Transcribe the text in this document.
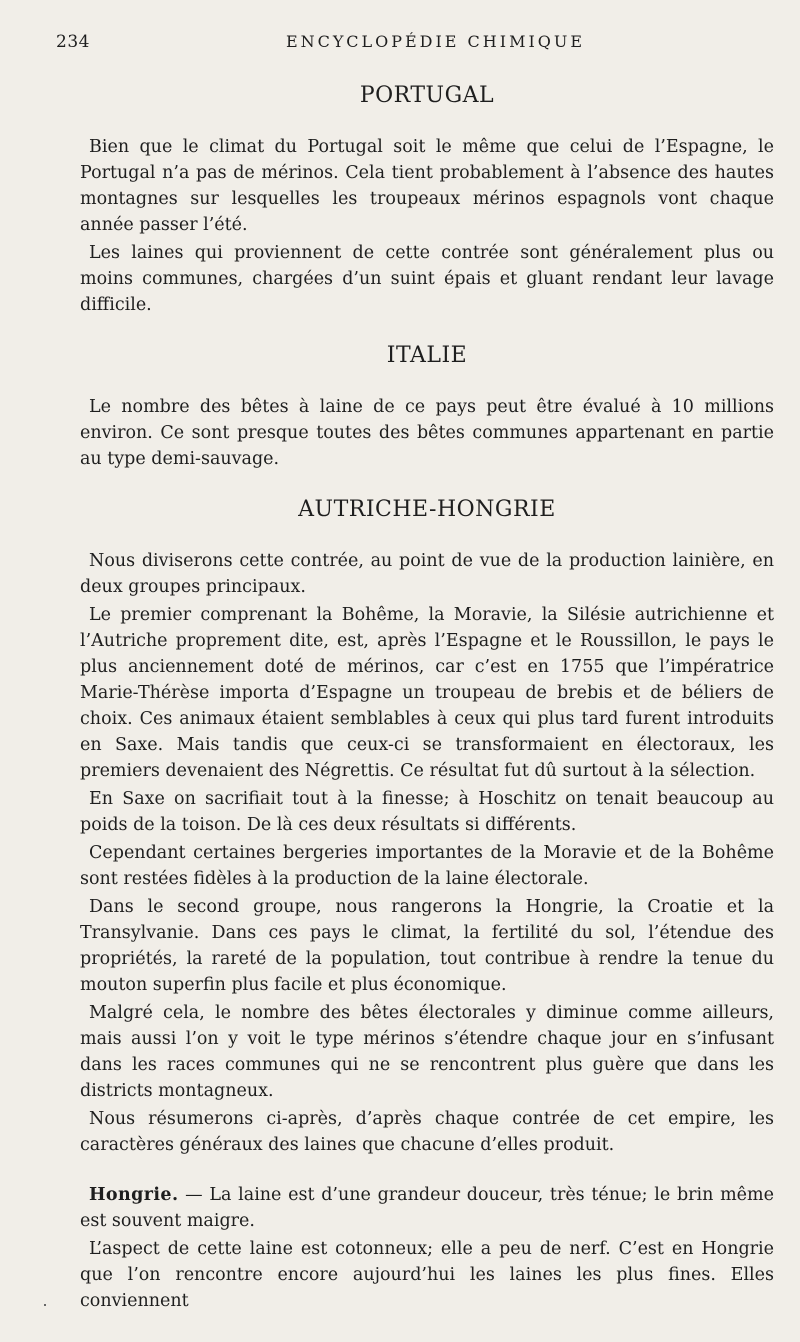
234	ENCYCLOPÉDIE CHIMIQUE
PORTUGAL

Bien que le climat du Portugal soit le même que celui de l’Espagne, le Portugal n’a pas de mérinos. Cela tient probablement à l’absence des hautes montagnes sur lesquelles les troupeaux mérinos espagnols vont chaque année passer l’été.

Les laines qui proviennent de cette contrée sont généralement plus ou moins communes, chargées d’un suint épais et gluant rendant leur lavage difficile.

ITALIE

Le nombre des bêtes à laine de ce pays peut être évalué à 10 millions environ. Ce sont presque toutes des bêtes communes appartenant en partie au type demi-sauvage.

AUTRICHE-HONGRIE

Nous diviserons cette contrée, au point de vue de la production lainière, en deux groupes principaux.

Le premier comprenant la Bohême, la Moravie, la Silésie autrichienne et l’Autriche proprement dite, est, après l’Espagne et le Roussillon, le pays le plus anciennement doté de mérinos, car c’est en 1755 que l’impératrice Marie-Thérèse importa d’Espagne un troupeau de brebis et de béliers de choix. Ces animaux étaient semblables à ceux qui plus tard furent introduits en Saxe. Mais tandis que ceux-ci se transformaient en électoraux, les premiers devenaient des Négrettis. Ce résultat fut dû surtout à la sélection.

En Saxe on sacrifiait tout à la finesse; à Hoschitz on tenait beaucoup au poids de la toison. De là ces deux résultats si différents.

Cependant certaines bergeries importantes de la Moravie et de la Bohême sont restées fidèles à la production de la laine électorale.

Dans le second groupe, nous rangerons la Hongrie, la Croatie et la Transylvanie. Dans ces pays le climat, la fertilité du sol, l’étendue des propriétés, la rareté de la population, tout contribue à rendre la tenue du mouton superfin plus facile et plus économique.

Malgré cela, le nombre des bêtes électorales y diminue comme ailleurs, mais aussi l’on y voit le type mérinos s’étendre chaque jour en s’infusant dans les races communes qui ne se rencontrent plus guère que dans les districts montagneux.

Nous résumerons ci-après, d’après chaque contrée de cet empire, les caractères généraux des laines que chacune d’elles produit.

Hongrie. — La laine est d’une grandeur douceur, très ténue; le brin même est souvent maigre.

L’aspect de cette laine est cotonneux; elle a peu de nerf. C’est en Hongrie que l’on rencontre encore aujourd’hui les laines les plus fines. Elles conviennent
